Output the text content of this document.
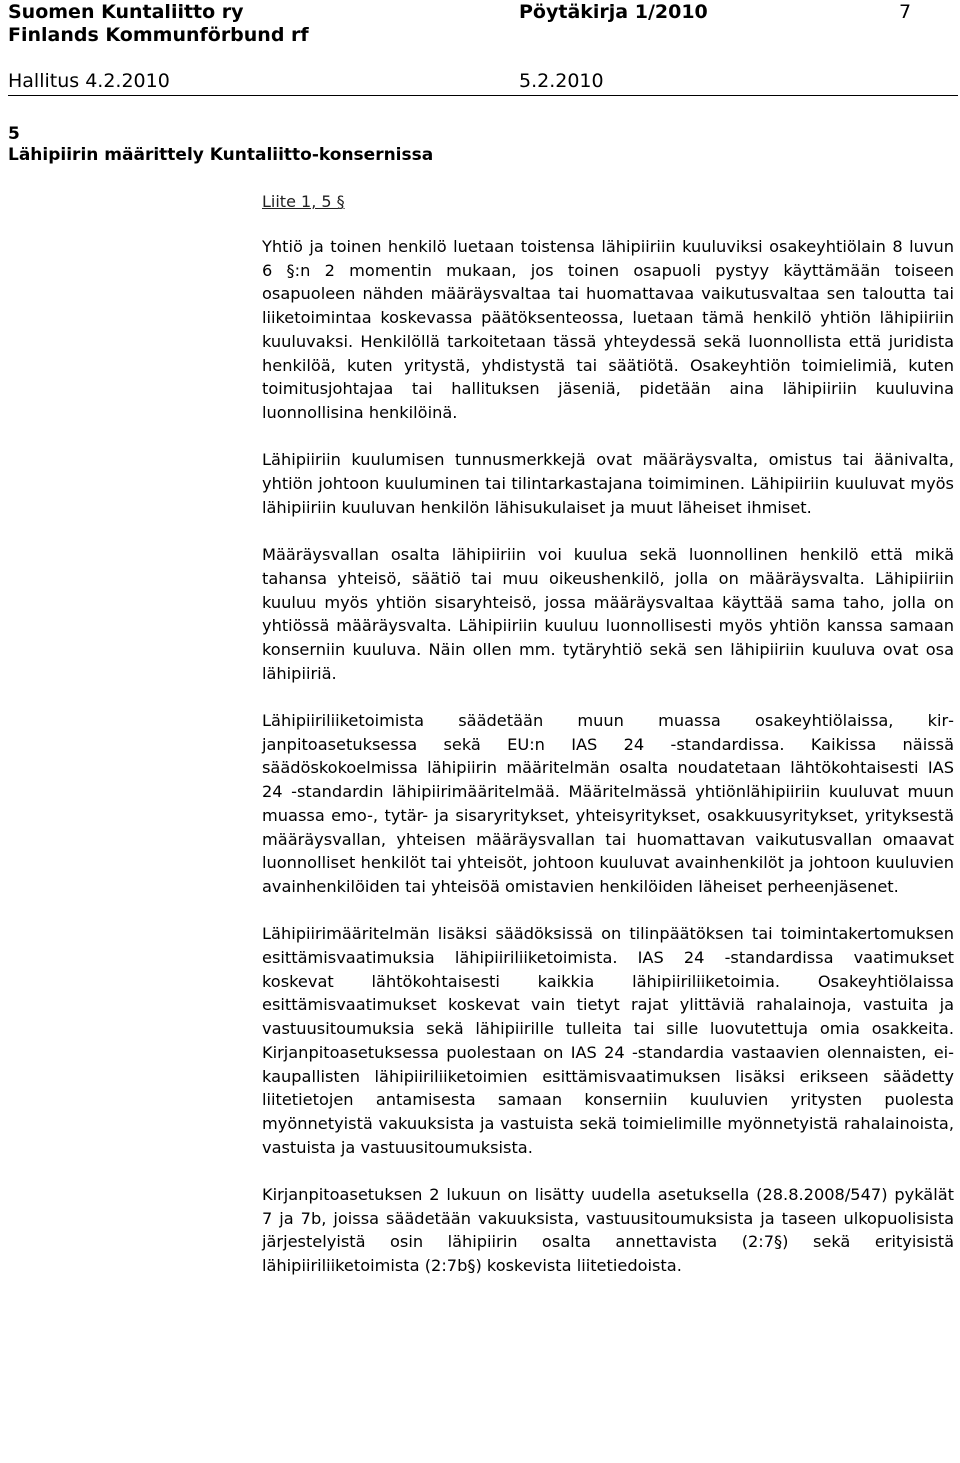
Suomen Kuntaliitto ry
Finlands Kommunförbund rf
Pöytäkirja 1/2010	7
Hallitus 4.2.2010	5.2.2010
5
Lähipiirin määrittely Kuntaliitto-konsernissa
Liite 1, 5 §

Yhtiö ja toinen henkilö luetaan toistensa lähipiiriin kuuluviksi osakeyhtiölain 8 luvun 6 §:n 2 momentin mukaan, jos toinen osapuoli pystyy käyttämään toiseen osapuoleen nähden määräysvaltaa tai huomattavaa vaikutusvaltaa sen taloutta tai liiketoimintaa koskevassa päätöksenteossa, luetaan tämä henkilö yhtiön lähipiiriin kuuluvaksi. Henkilöllä tarkoitetaan tässä yhteydessä sekä luonnollista että juridista henkilöä, kuten yritystä, yhdistystä tai säätiötä. Osakeyhtiön toimielimiä, kuten toimitusjohtajaa tai hallituksen jäseniä, pidetään aina lähipiiriin kuuluvina luonnollisina henkilöinä.

Lähipiiriin kuulumisen tunnusmerkkejä ovat määräysvalta, omistus tai äänivalta, yhtiön johtoon kuuluminen tai tilintarkastajana toimiminen. Lähipiiriin kuuluvat myös lähipiiriin kuuluvan henkilön lähisukulaiset ja muut läheiset ihmiset.

Määräysvallan osalta lähipiiriin voi kuulua sekä luonnollinen henkilö että mikä tahansa yhteisö, säätiö tai muu oikeushenkilö, jolla on määräysvalta. Lähipiiriin kuuluu myös yhtiön sisaryhteisö, jossa määräysvaltaa käyttää sama taho, jolla on yhtiössä määräysvalta. Lähipiiriin kuuluu luonnollisesti myös yhtiön kanssa samaan konserniin kuuluva. Näin ollen mm. tytäryhtiö sekä sen lähipiiriin kuuluva ovat osa lähipiiriä.

Lähipiiriliiketoimista säädetään muun muassa osakeyhtiölaissa, kirjanpitoasetuksessa sekä EU:n IAS 24 -standardissa. Kaikissa näissä säädöskokoelmissa lähipiirin määritelmän osalta noudatetaan lähtökohtaisesti IAS 24 -standardin lähipiirimääritelmää. Määritelmässä yhtiönlähipiiriin kuuluvat muun muassa emo-, tytär- ja sisaryritykset, yhteisyritykset, osakkuusyritykset, yrityksestä määräysvallan, yhteisen määräysvallan tai huomattavan vaikutusvallan omaavat luonnolliset henkilöt tai yhteisöt, johtoon kuuluvat avainhenkilöt ja johtoon kuuluvien avainhenkilöiden tai yhteisöä omistavien henkilöiden läheiset perheenjäsenet.

Lähipiirimääritelmän lisäksi säädöksissä on tilinpäätöksen tai toimintakertomuksen esittämisvaatimuksia lähipiiriliiketoimista. IAS 24 -standardissa vaatimukset koskevat lähtökohtaisesti kaikkia lähipiiriliiketoimia. Osakeyhtiölaissa esittämisvaatimukset koskevat vain tietyt rajat ylittäviä rahalainoja, vastuita ja vastuusitoumuksia sekä lähipiirille tulleita tai sille luovutettuja omia osakkeita. Kirjanpitoasetuksessa puolestaan on IAS 24 -standardia vastaavien olennaisten, ei-kaupallisten lähipiiriliiketoimien esittämisvaatimuksen lisäksi erikseen säädetty liitetietojen antamisesta samaan konserniin kuuluvien yritysten puolesta myönnetyistä vakuuksista ja vastuista sekä toimielimille myönnetyistä rahalainoista, vastuista ja vastuusitoumuksista.

Kirjanpitoasetuksen 2 lukuun on lisätty uudella asetuksella (28.8.2008/547) pykälät 7 ja 7b, joissa säädetään vakuuksista, vastuusitoumuksista ja taseen ulkopuolisista järjestelyistä osin lähipiirin osalta annettavista (2:7§) sekä erityisistä lähipiiriliiketoimista (2:7b§) koskevista liitetiedoista.
